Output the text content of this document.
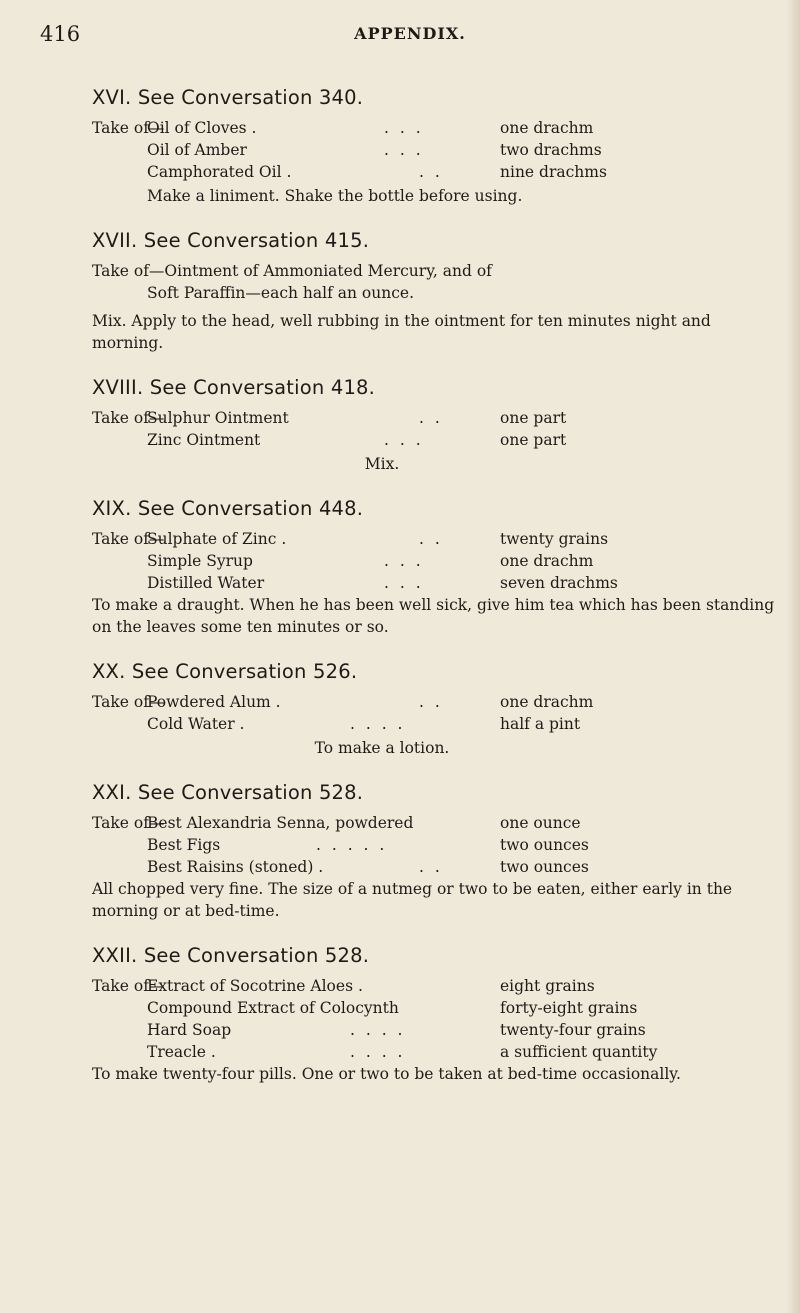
416	APPENDIX.
XVI. See Conversation 340.
Take of—
Oil of Cloves .	. . .	one drachm
Oil of Amber	. . .	two drachms
Camphorated Oil .	. .	nine drachms

Make a liniment. Shake the bottle before using.

XVII. See Conversation 415.
Take of—Ointment of Ammoniated Mercury, and of
Soft Paraffin—each half an ounce.

Mix. Apply to the head, well rubbing in the ointment for ten minutes night and morning.

XVIII. See Conversation 418.
Take of—
Sulphur Ointment	. .	one part
Zinc Ointment	. . .	one part

Mix.

XIX. See Conversation 448.
Take of—
Sulphate of Zinc .	. .	twenty grains
Simple Syrup	. . .	one drachm
Distilled Water	. . .	seven drachms

To make a draught. When he has been well sick, give him tea which has been standing on the leaves some ten minutes or so.

XX. See Conversation 526.
Take of—
Powdered Alum .	. .	one drachm
Cold Water .	. . . .	half a pint

To make a lotion.

XXI. See Conversation 528.
Take of—
Best Alexandria Senna, powdered	one ounce
Best Figs	. . . . .	two ounces
Best Raisins (stoned) .	. .	two ounces

All chopped very fine. The size of a nutmeg or two to be eaten, either early in the morning or at bed-time.

XXII. See Conversation 528.
Take of—
Extract of Socotrine Aloes .	eight grains
Compound Extract of Colocynth	forty-eight grains
Hard Soap	. . . .	twenty-four grains
Treacle .	. . . .	a sufficient quantity

To make twenty-four pills. One or two to be taken at bed-time occasionally.
